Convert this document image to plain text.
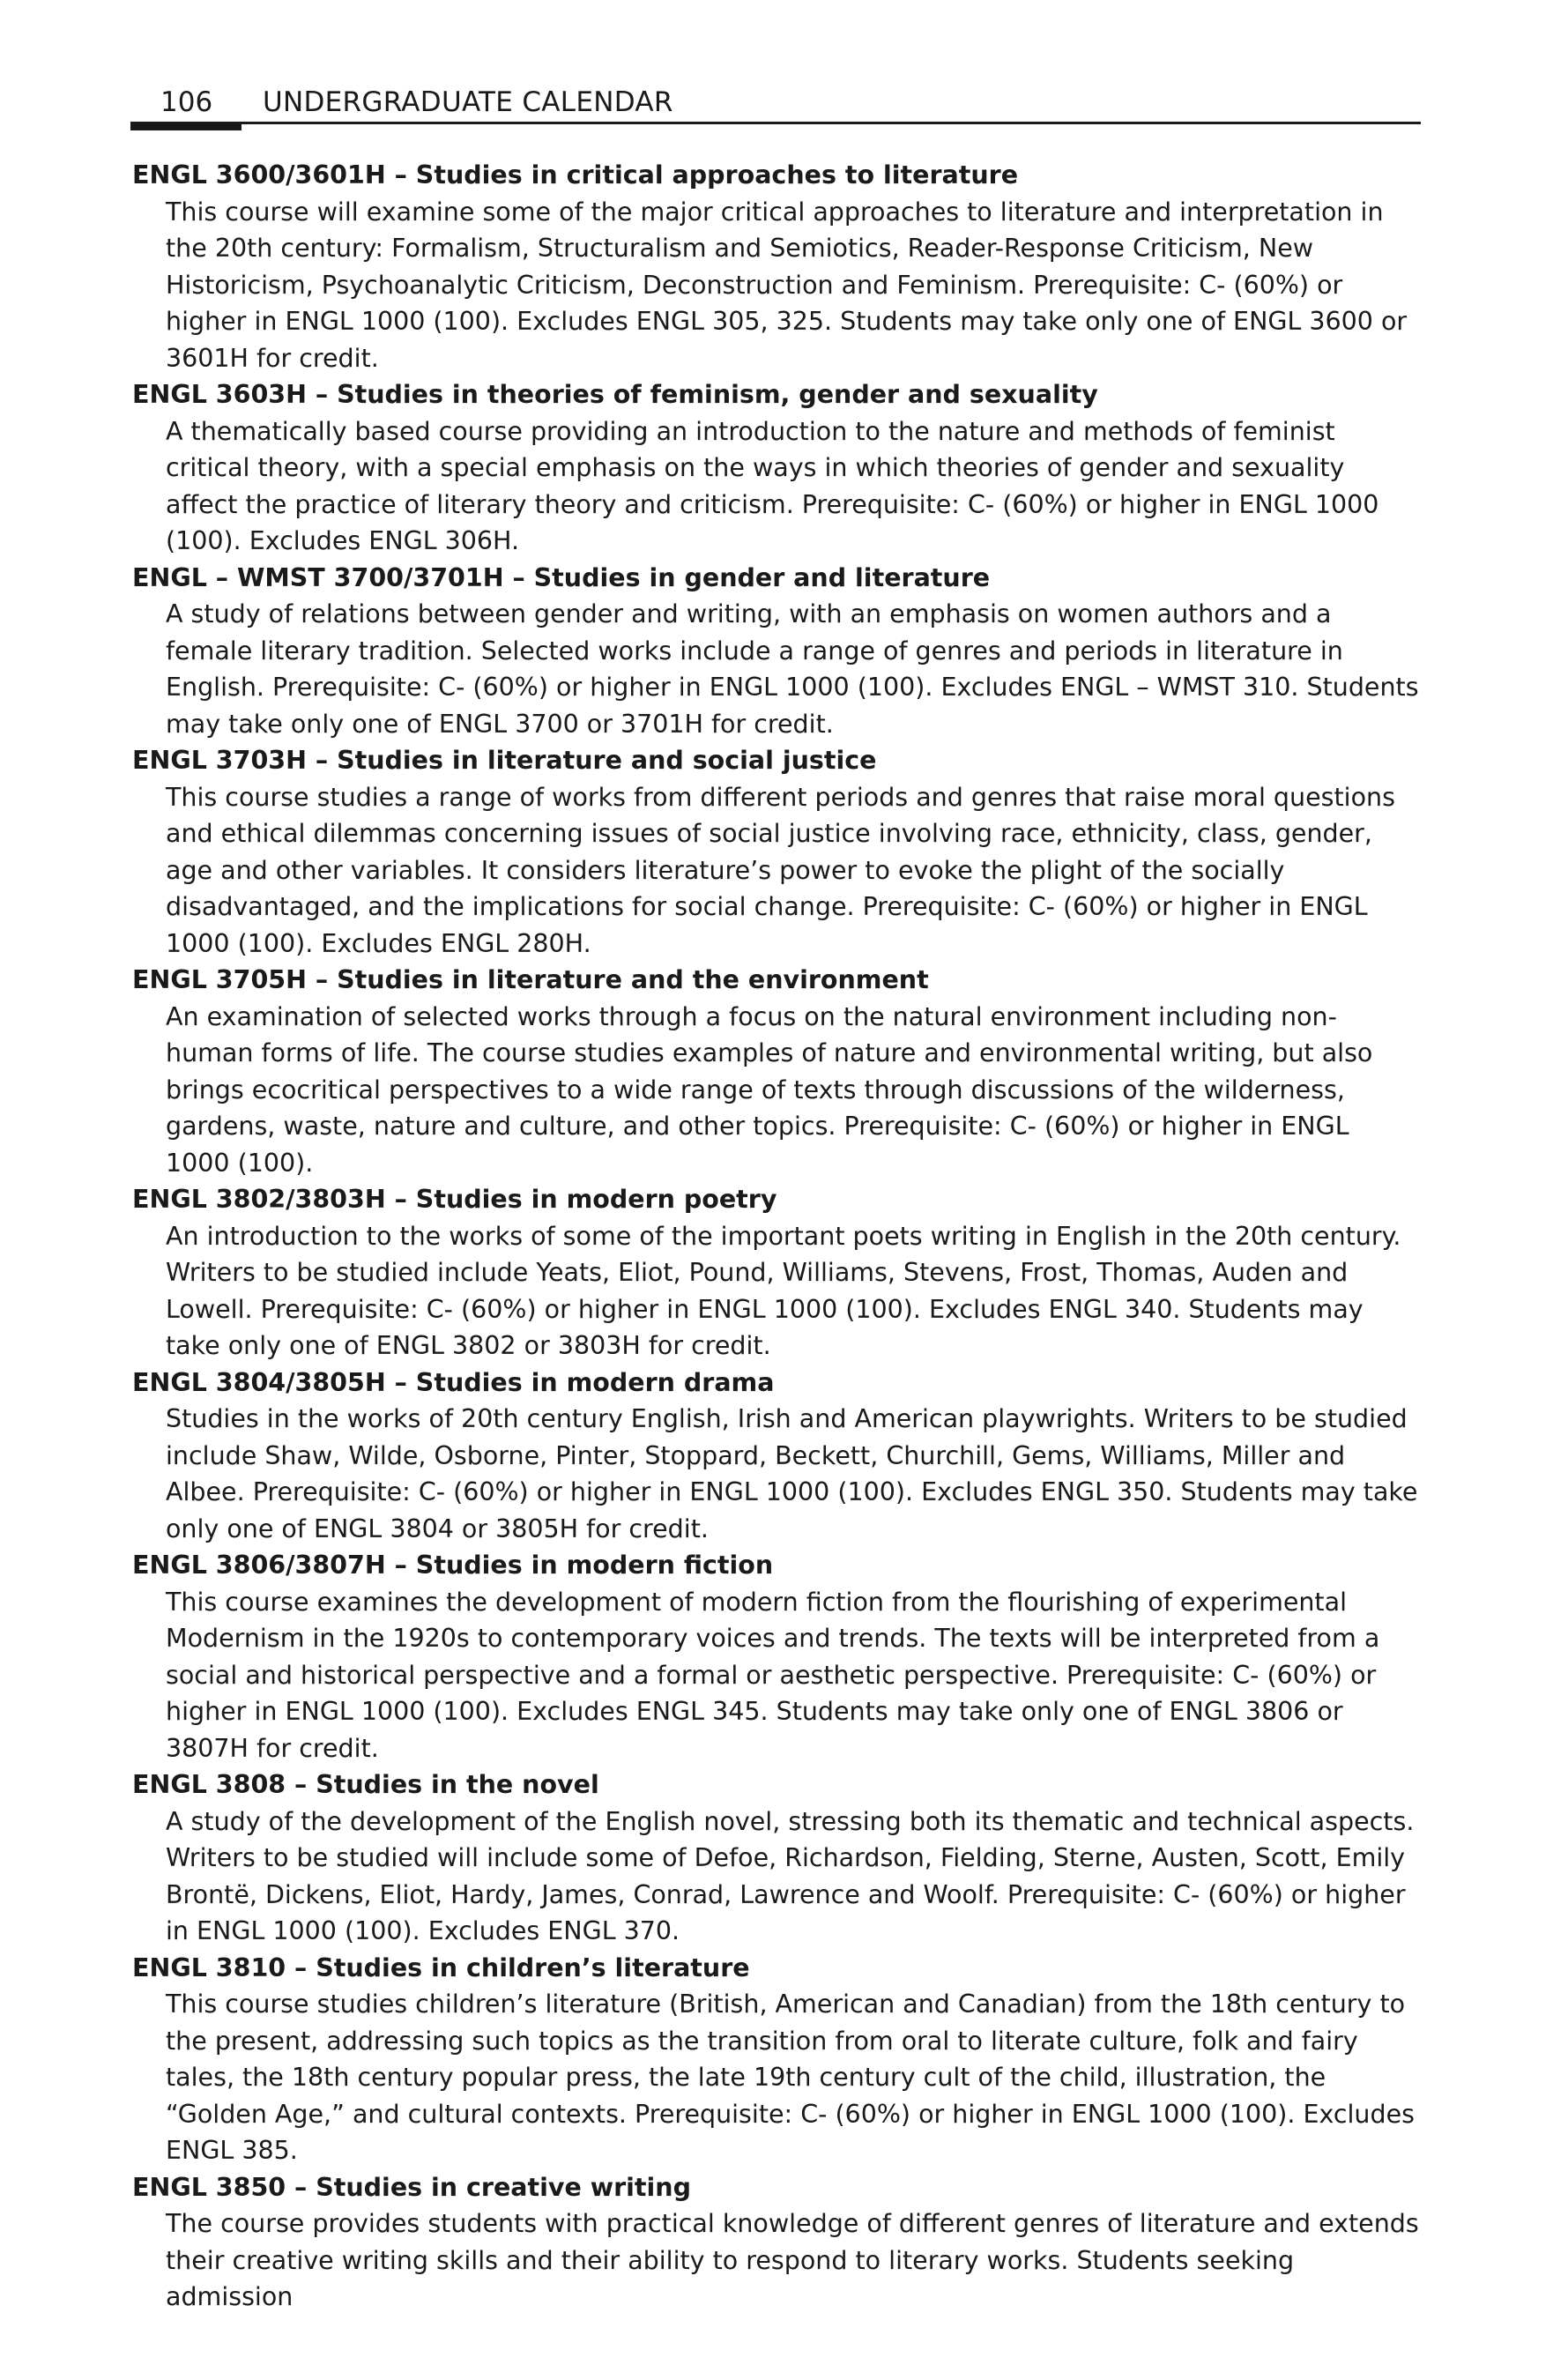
106 UNDERGRADUATE CALENDAR

ENGL 3600/3601H – Studies in critical approaches to literature

This course will examine some of the major critical approaches to literature and interpretation in the 20th century: Formalism, Structuralism and Semiotics, Reader-Response Criticism, New Historicism, Psychoanalytic Criticism, Deconstruction and Feminism. Prerequisite: C- (60%) or higher in ENGL 1000 (100). Excludes ENGL 305, 325. Students may take only one of ENGL 3600 or 3601H for credit.

ENGL 3603H – Studies in theories of feminism, gender and sexuality

A thematically based course providing an introduction to the nature and methods of feminist critical theory, with a special emphasis on the ways in which theories of gender and sexuality affect the practice of literary theory and criticism. Prerequisite: C- (60%) or higher in ENGL 1000 (100). Excludes ENGL 306H.

ENGL – WMST 3700/3701H – Studies in gender and literature

A study of relations between gender and writing, with an emphasis on women authors and a female literary tradition. Selected works include a range of genres and periods in literature in English. Prerequisite: C- (60%) or higher in ENGL 1000 (100). Excludes ENGL – WMST 310. Students may take only one of ENGL 3700 or 3701H for credit.

ENGL 3703H – Studies in literature and social justice

This course studies a range of works from different periods and genres that raise moral questions and ethical dilemmas concerning issues of social justice involving race, ethnicity, class, gender, age and other variables. It considers literature’s power to evoke the plight of the socially disadvantaged, and the implications for social change. Prerequisite: C- (60%) or higher in ENGL 1000 (100). Excludes ENGL 280H.

ENGL 3705H – Studies in literature and the environment

An examination of selected works through a focus on the natural environment including non-human forms of life. The course studies examples of nature and environmental writing, but also brings ecocritical perspectives to a wide range of texts through discussions of the wilderness, gardens, waste, nature and culture, and other topics. Prerequisite: C- (60%) or higher in ENGL 1000 (100).

ENGL 3802/3803H – Studies in modern poetry

An introduction to the works of some of the important poets writing in English in the 20th century. Writers to be studied include Yeats, Eliot, Pound, Williams, Stevens, Frost, Thomas, Auden and Lowell. Prerequisite: C- (60%) or higher in ENGL 1000 (100). Excludes ENGL 340. Students may take only one of ENGL 3802 or 3803H for credit.

ENGL 3804/3805H – Studies in modern drama

Studies in the works of 20th century English, Irish and American playwrights. Writers to be studied include Shaw, Wilde, Osborne, Pinter, Stoppard, Beckett, Churchill, Gems, Williams, Miller and Albee. Prerequisite: C- (60%) or higher in ENGL 1000 (100). Excludes ENGL 350. Students may take only one of ENGL 3804 or 3805H for credit.

ENGL 3806/3807H – Studies in modern fiction

This course examines the development of modern fiction from the flourishing of experimental Modernism in the 1920s to contemporary voices and trends. The texts will be interpreted from a social and historical perspective and a formal or aesthetic perspective. Prerequisite: C- (60%) or higher in ENGL 1000 (100). Excludes ENGL 345. Students may take only one of ENGL 3806 or 3807H for credit.

ENGL 3808 – Studies in the novel

A study of the development of the English novel, stressing both its thematic and technical aspects. Writers to be studied will include some of Defoe, Richardson, Fielding, Sterne, Austen, Scott, Emily Brontë, Dickens, Eliot, Hardy, James, Conrad, Lawrence and Woolf. Prerequisite: C- (60%) or higher in ENGL 1000 (100). Excludes ENGL 370.

ENGL 3810 – Studies in children’s literature

This course studies children’s literature (British, American and Canadian) from the 18th century to the present, addressing such topics as the transition from oral to literate culture, folk and fairy tales, the 18th century popular press, the late 19th century cult of the child, illustration, the “Golden Age,” and cultural contexts. Prerequisite: C- (60%) or higher in ENGL 1000 (100). Excludes ENGL 385.

ENGL 3850 – Studies in creative writing

The course provides students with practical knowledge of different genres of literature and extends their creative writing skills and their ability to respond to literary works. Students seeking admission
